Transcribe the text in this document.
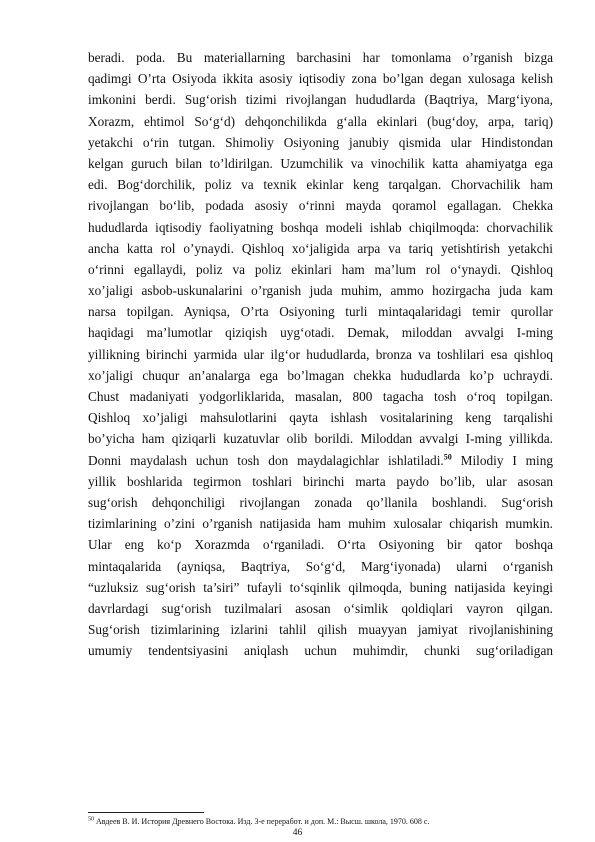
beradi. poda. Bu materiallarning barchasini har tomonlama o’rganish bizga
qadimgi O’rta Osiyoda ikkita asosiy iqtisodiy zona bo’lgan degan xulosaga kelish
imkonini berdi. Sug‘orish tizimi rivojlangan hududlarda (Baqtriya, Marg‘iyona,
Xorazm, ehtimol So‘g‘d) dehqonchilikda g‘alla ekinlari (bug‘doy, arpa, tariq)
yetakchi o‘rin tutgan. Shimoliy Osiyoning janubiy qismida ular Hindistondan
kelgan guruch bilan to’ldirilgan. Uzumchilik va vinochilik katta ahamiyatga ega
edi. Bog‘dorchilik, poliz va texnik ekinlar keng tarqalgan. Chorvachilik ham
rivojlangan bo‘lib, podada asosiy o‘rinni mayda qoramol egallagan. Chekka
hududlarda iqtisodiy faoliyatning boshqa modeli ishlab chiqilmoqda: chorvachilik
ancha katta rol o’ynaydi. Qishloq xo‘jaligida arpa va tariq yetishtirish yetakchi
o‘rinni egallaydi, poliz va poliz ekinlari ham ma’lum rol o‘ynaydi. Qishloq
xo’jaligi asbob-uskunalarini o’rganish juda muhim, ammo hozirgacha juda kam
narsa topilgan. Ayniqsa, O’rta Osiyoning turli mintaqalaridagi temir qurollar
haqidagi ma’lumotlar qiziqish uyg‘otadi. Demak, miloddan avvalgi I-ming
yillikning birinchi yarmida ular ilg‘or hududlarda, bronza va toshlilari esa qishloq
xo’jaligi chuqur an’analarga ega bo’lmagan chekka hududlarda ko’p uchraydi.
Chust madaniyati yodgorliklarida, masalan, 800 tagacha tosh o‘roq topilgan.
Qishloq xo’jaligi mahsulotlarini qayta ishlash vositalarining keng tarqalishi
bo’yicha ham qiziqarli kuzatuvlar olib borildi. Miloddan avvalgi I-ming yillikda.
Donni maydalash uchun tosh don maydalagichlar ishlatiladi.$^{50}$ Milodiy I ming
yillik boshlarida tegirmon toshlari birinchi marta paydo bo’lib, ular asosan
sug‘orish dehqonchiligi rivojlangan zonada qo’llanila boshlandi. Sug‘orish
tizimlarining o’zini o’rganish natijasida ham muhim xulosalar chiqarish mumkin.
Ular eng ko‘p Xorazmda o‘rganiladi. O‘rta Osiyoning bir qator boshqa
mintaqalarida (ayniqsa, Baqtriya, So‘g‘d, Marg‘iyonada) ularni o‘rganish
“uzluksiz sug‘orish ta’siri” tufayli to‘sqinlik qilmoqda, buning natijasida keyingi
davrlardagi sug‘orish tuzilmalari asosan o‘simlik qoldiqlari vayron qilgan.
Sug‘orish tizimlarining izlarini tahlil qilish muayyan jamiyat rivojlanishining
umumiy tendentsiyasini aniqlash uchun muhimdir, chunki sug‘oriladigan
$^{50}$ Авдеев В. И. История Древнего Востока. Изд. 3-е переработ. и доп. М.: Высш. школа, 1970. 608 с.
46
